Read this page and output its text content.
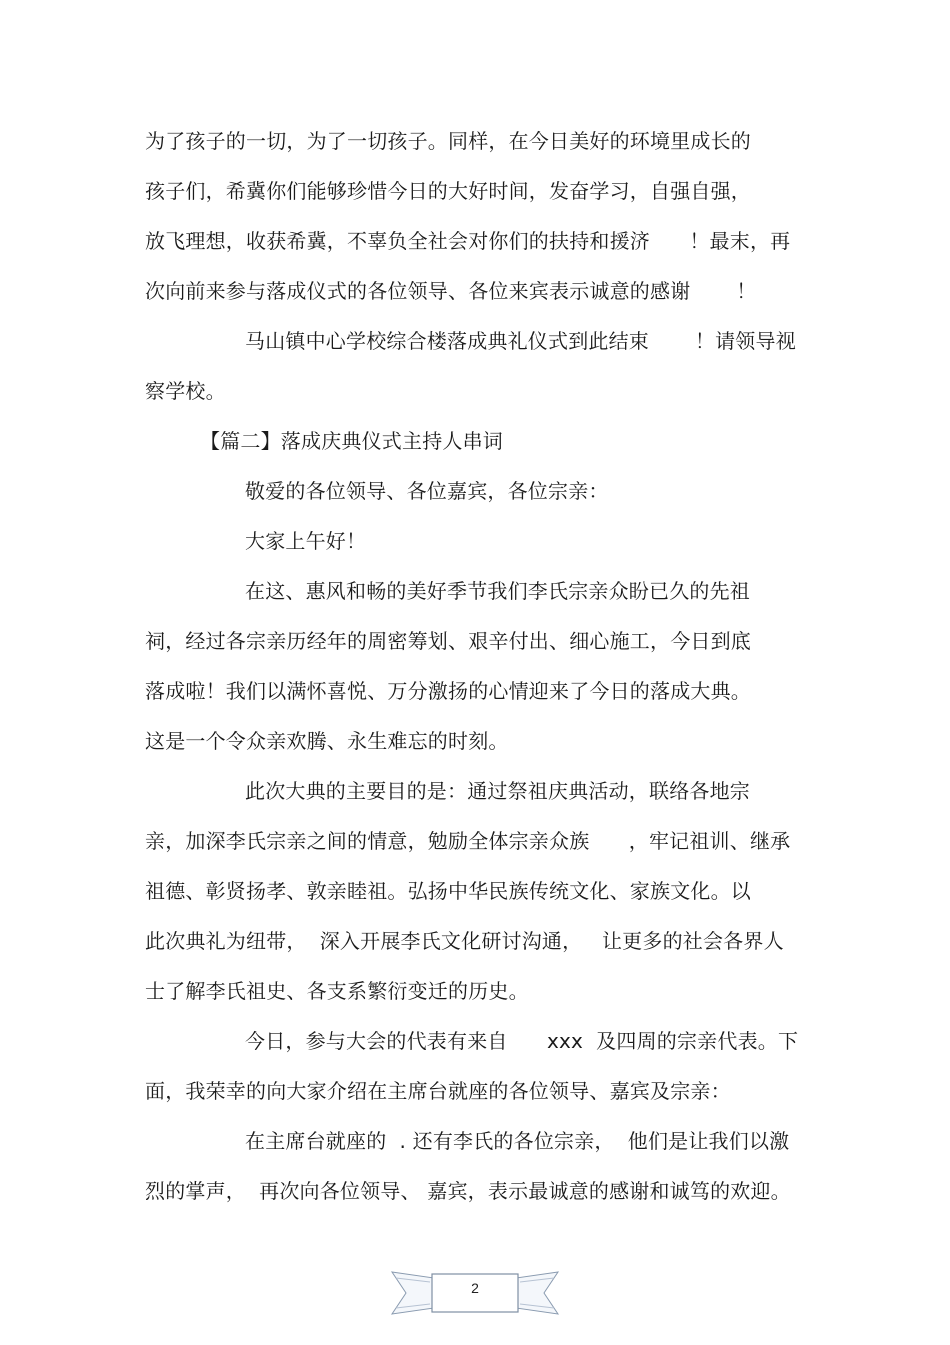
为了孩子的一切，为了一切孩子。同样，在今日美好的环境里成长的

孩子们，希冀你们能够珍惜今日的大好时间，发奋学习，自强自强，

放飞理想，收获希冀，不辜负全社会对你们的扶持和援济      ！最末，再

次向前来参与落成仪式的各位领导、各位来宾表示诚意的感谢       ！

马山镇中心学校综合楼落成典礼仪式到此结束       ！请领导视

察学校。

【篇二】落成庆典仪式主持人串词

敬爱的各位领导、各位嘉宾，各位宗亲：

大家上午好！

在这、惠风和畅的美好季节我们李氏宗亲众盼已久的先祖

祠，经过各宗亲历经年的周密筹划、艰辛付出、细心施工，今日到底

落成啦！我们以满怀喜悦、万分激扬的心情迎来了今日的落成大典。

这是一个令众亲欢腾、永生难忘的时刻。

此次大典的主要目的是：通过祭祖庆典活动，联络各地宗

亲，加深李氏宗亲之间的情意，勉励全体宗亲众族      ，牢记祖训、继承

祖德、彰贤扬孝、敦亲睦祖。弘扬中华民族传统文化、家族文化。以

此次典礼为纽带，  深入开展李氏文化研讨沟通，   让更多的社会各界人

士了解李氏祖史、各支系繁衍变迁的历史。

今日，参与大会的代表有来自      xxx  及四周的宗亲代表。下

面，我荣幸的向大家介绍在主席台就座的各位领导、嘉宾及宗亲：

在主席台就座的  . 还有李氏的各位宗亲，  他们是让我们以激

烈的掌声，  再次向各位领导、 嘉宾，表示最诚意的感谢和诚笃的欢迎。

2
